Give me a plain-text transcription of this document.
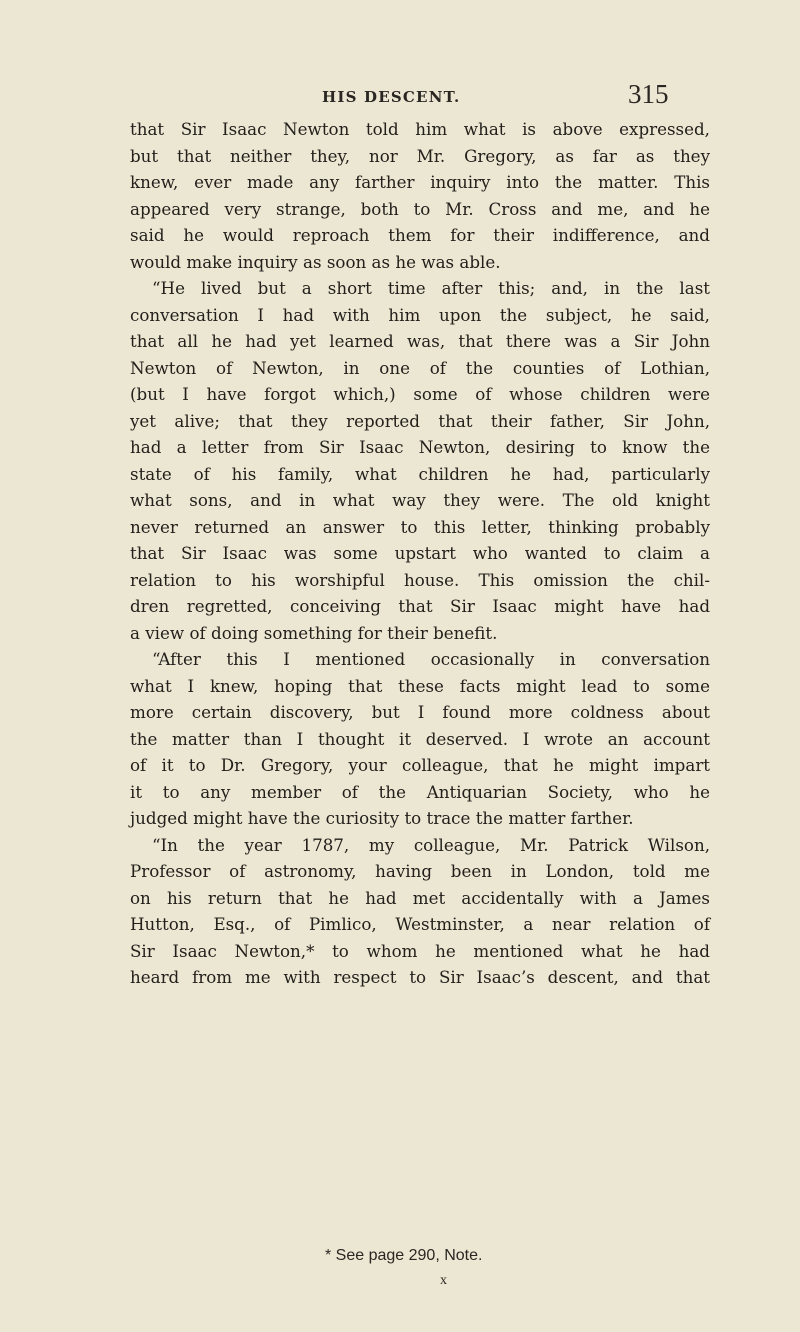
HIS DESCENT.	315
that Sir Isaac Newton told him what is above expressed,
but that neither they, nor Mr. Gregory, as far as they
knew, ever made any farther inquiry into the matter. This
appeared very strange, both to Mr. Cross and me, and he
said he would reproach them for their indifference, and
would make inquiry as soon as he was able.
“He lived but a short time after this; and, in the last
conversation I had with him upon the subject, he said,
that all he had yet learned was, that there was a Sir John
Newton of Newton, in one of the counties of Lothian,
(but I have forgot which,) some of whose children were
yet alive; that they reported that their father, Sir John,
had a letter from Sir Isaac Newton, desiring to know the
state of his family, what children he had, particularly
what sons, and in what way they were. The old knight
never returned an answer to this letter, thinking probably
that Sir Isaac was some upstart who wanted to claim a
relation to his worshipful house. This omission the chil-
dren regretted, conceiving that Sir Isaac might have had
a view of doing something for their benefit.
“After this I mentioned occasionally in conversation
what I knew, hoping that these facts might lead to some
more certain discovery, but I found more coldness about
the matter than I thought it deserved. I wrote an account
of it to Dr. Gregory, your colleague, that he might impart
it to any member of the Antiquarian Society, who he
judged might have the curiosity to trace the matter farther.
“In the year 1787, my colleague, Mr. Patrick Wilson,
Professor of astronomy, having been in London, told me
on his return that he had met accidentally with a James
Hutton, Esq., of Pimlico, Westminster, a near relation of
Sir Isaac Newton,* to whom he mentioned what he had
heard from me with respect to Sir Isaac’s descent, and that
* See page 290, Note.
x
